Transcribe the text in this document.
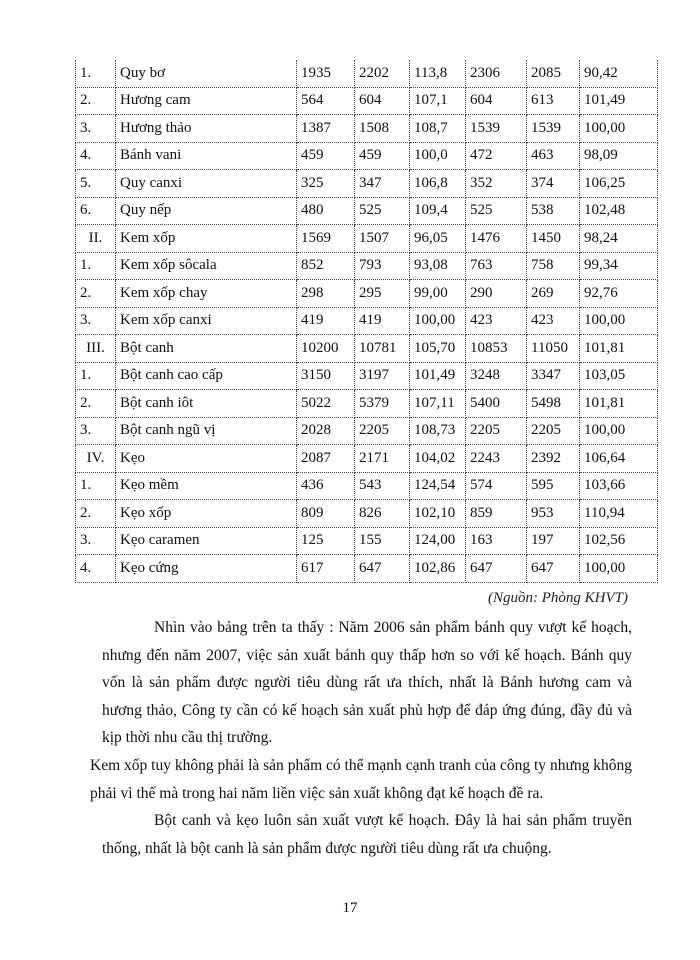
1.	Quy bơ	1935	2202	113,8	2306	2085	90,42
2.	Hương cam	564	604	107,1	604	613	101,49
3.	Hương thảo	1387	1508	108,7	1539	1539	100,00
4.	Bánh vani	459	459	100,0	472	463	98,09
5.	Quy canxi	325	347	106,8	352	374	106,25
6.	Quy nếp	480	525	109,4	525	538	102,48
II.	Kem xốp	1569	1507	96,05	1476	1450	98,24
1.	Kem xốp sôcala	852	793	93,08	763	758	99,34
2.	Kem xốp chay	298	295	99,00	290	269	92,76
3.	Kem xốp canxi	419	419	100,00	423	423	100,00
III.	Bột canh	10200	10781	105,70	10853	11050	101,81
1.	Bột canh cao cấp	3150	3197	101,49	3248	3347	103,05
2.	Bột canh iôt	5022	5379	107,11	5400	5498	101,81
3.	Bột canh ngũ vị	2028	2205	108,73	2205	2205	100,00
IV.	Kẹo	2087	2171	104,02	2243	2392	106,64
1.	Kẹo mềm	436	543	124,54	574	595	103,66
2.	Kẹo xốp	809	826	102,10	859	953	110,94
3.	Kẹo caramen	125	155	124,00	163	197	102,56
4.	Kẹo cứng	617	647	102,86	647	647	100,00
(Nguồn: Phòng KHVT)

Nhìn vào bảng trên ta thấy : Năm 2006 sản phẩm bánh quy vượt kế hoạch, nhưng đến năm 2007, việc sản xuất bánh quy thấp hơn so với kế hoạch. Bánh quy vốn là sản phẩm được người tiêu dùng rất ưa thích, nhất là Bánh hương cam và hương thảo, Công ty cần có kế hoạch sản xuất phù hợp để đáp ứng đúng, đầy đủ và kịp thời nhu cầu thị trường.

Kem xốp tuy không phải là sản phẩm có thể mạnh cạnh tranh của công ty nhưng không phải vì thế mà trong hai năm liền việc sản xuất không đạt kế hoạch đề ra.

Bột canh và kẹo luôn sản xuất vượt kế hoạch. Đây là hai sản phẩm truyền thống, nhất là bột canh là sản phẩm được người tiêu dùng rất ưa chuộng.

17
